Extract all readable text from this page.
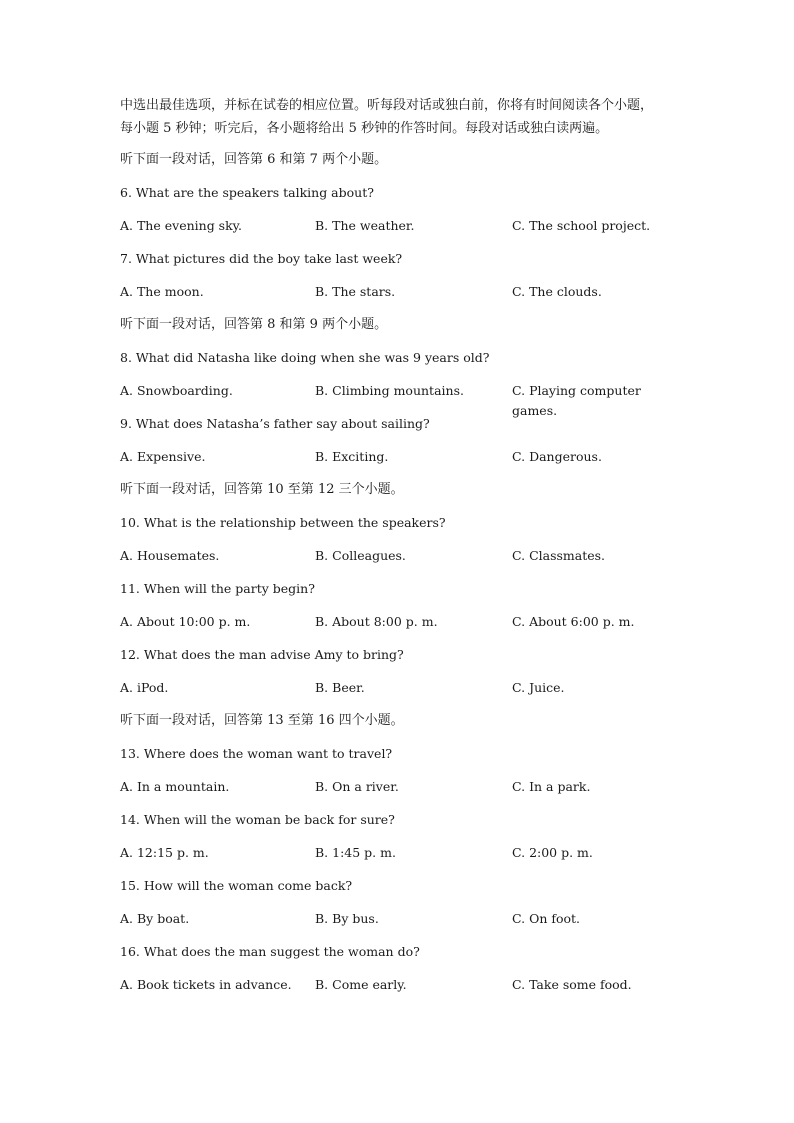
中选出最佳选项，并标在试卷的相应位置。听每段对话或独白前，你将有时间阅读各个小题，
每小题 5 秒钟；听完后，各小题将给出 5 秒钟的作答时间。每段对话或独白读两遍。
听下面一段对话，回答第 6 和第 7 两个小题。
6. What are the speakers talking about?
A. The evening sky.	B. The weather.	C. The school project.
7. What pictures did the boy take last week?
A. The moon.	B. The stars.	C. The clouds.
听下面一段对话，回答第 8 和第 9 两个小题。
8. What did Natasha like doing when she was 9 years old?
A. Snowboarding.	B. Climbing mountains.	C. Playing computer games.
9. What does Natasha’s father say about sailing?
A. Expensive.	B. Exciting.	C. Dangerous.
听下面一段对话，回答第 10 至第 12 三个小题。
10. What is the relationship between the speakers?
A. Housemates.	B. Colleagues.	C. Classmates.
11. When will the party begin?
A. About 10:00 p. m.	B. About 8:00 p. m.	C. About 6:00 p. m.
12. What does the man advise Amy to bring?
A. iPod.	B. Beer.	C. Juice.
听下面一段对话，回答第 13 至第 16 四个小题。
13. Where does the woman want to travel?
A. In a mountain.	B. On a river.	C. In a park.
14. When will the woman be back for sure?
A. 12:15 p. m.	B. 1:45 p. m.	C. 2:00 p. m.
15. How will the woman come back?
A. By boat.	B. By bus.	C. On foot.
16. What does the man suggest the woman do?
A. Book tickets in advance.	B. Come early.	C. Take some food.
